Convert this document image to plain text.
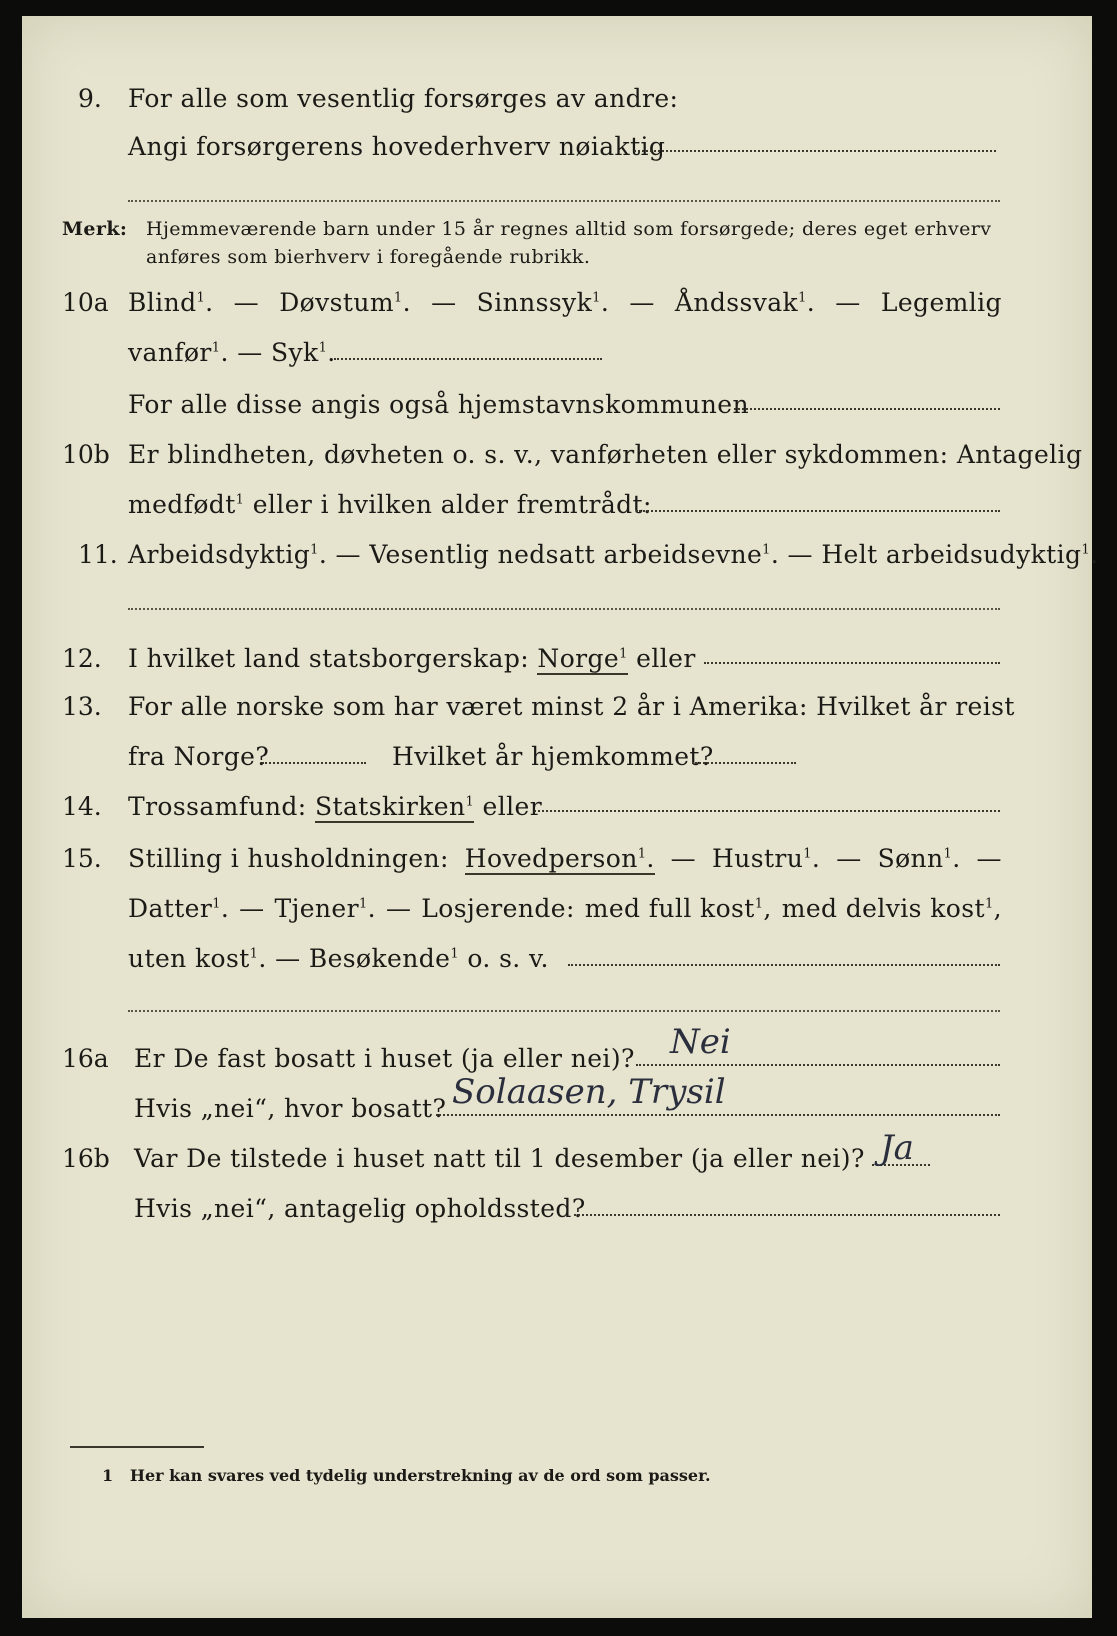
9. For alle som vesentlig forsørges av andre:
Angi forsørgerens hovederhverv nøiaktig
Merk: Hjemmeværende barn under 15 år regnes alltid som forsørgede; deres eget erhverv
anføres som bierhverv i foregående rubrikk.
10a Blind$^1$. — Døvstum$^1$. — Sinnssyk$^1$. — Åndssvak$^1$. — Legemlig
vanfør$^1$. — Syk$^1$.
For alle disse angis også hjemstavnskommunen
10b Er blindheten, døvheten o. s. v., vanførheten eller sykdommen: Antagelig
medfødt$^1$ eller i hvilken alder fremtrådt:
11. Arbeidsdyktig$^1$. — Vesentlig nedsatt arbeidsevne$^1$. — Helt arbeidsudyktig$^1$.
12. I hvilket land statsborgerskap: Norge$^1$ eller
13. For alle norske som har været minst 2 år i Amerika: Hvilket år reist
fra Norge?	Hvilket år hjemkommet?
14. Trossamfund: Statskirken$^1$ eller
15. Stilling i husholdningen: Hovedperson$^1$. — Hustru$^1$. — Sønn$^1$. —
Datter$^1$. — Tjener$^1$. — Losjerende: med full kost$^1$, med delvis kost$^1$,
uten kost$^1$. — Besøkende$^1$ o. s. v.
16a Er De fast bosatt i huset (ja eller nei)? Nei
Hvis „nei“, hvor bosatt? Solaasen, Trysil
16b Var De tilstede i huset natt til 1 desember (ja eller nei)? Ja
Hvis „nei“, antagelig opholdssted?
1 Her kan svares ved tydelig understrekning av de ord som passer.
